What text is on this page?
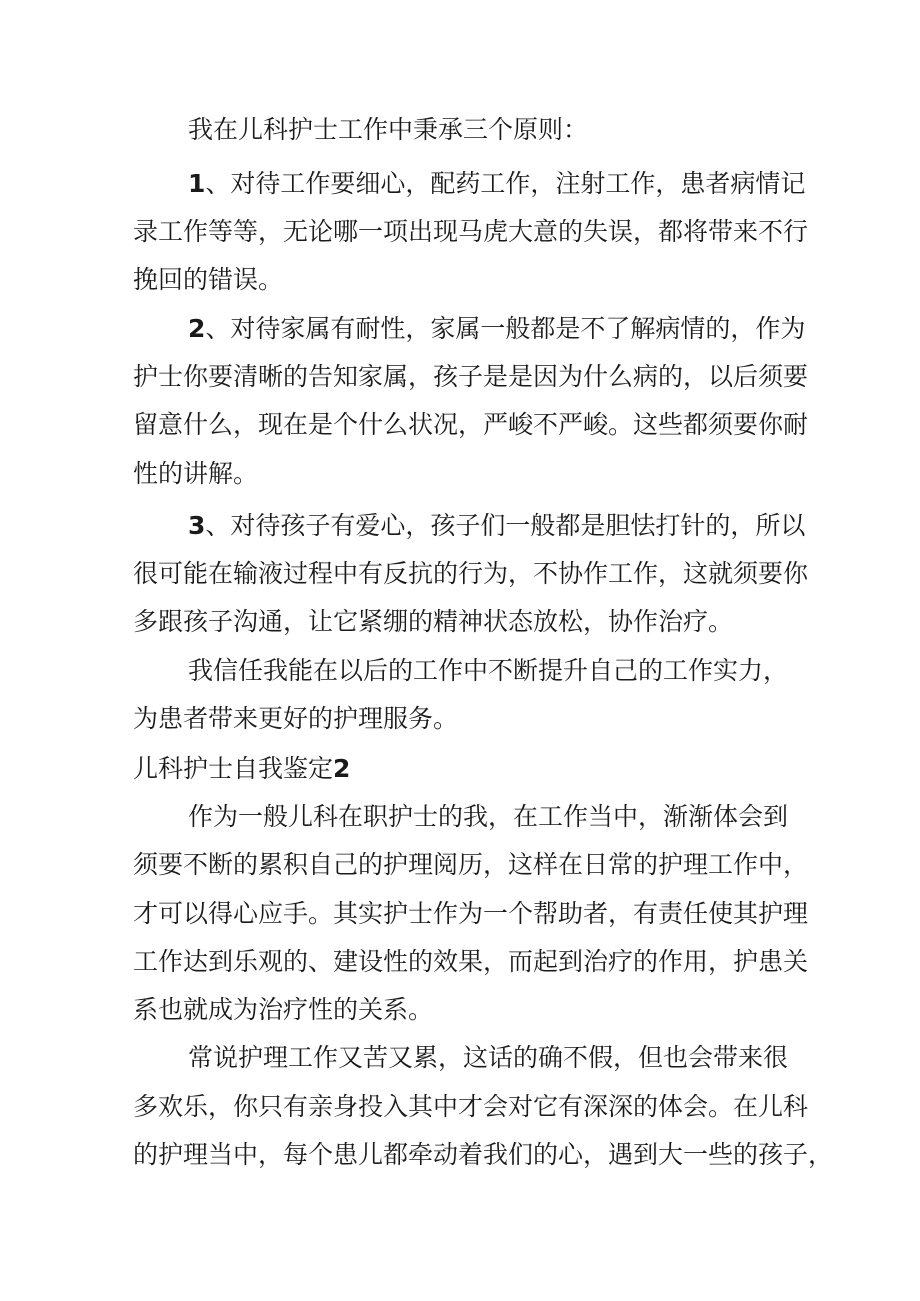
我在儿科护士工作中秉承三个原则：
1、对待工作要细心，配药工作，注射工作，患者病情记
录工作等等，无论哪一项出现马虎大意的失误，都将带来不行
挽回的错误。
2、对待家属有耐性，家属一般都是不了解病情的，作为
护士你要清晰的告知家属，孩子是是因为什么病的，以后须要
留意什么，现在是个什么状况，严峻不严峻。这些都须要你耐
性的讲解。
3、对待孩子有爱心，孩子们一般都是胆怯打针的，所以
很可能在输液过程中有反抗的行为，不协作工作，这就须要你
多跟孩子沟通，让它紧绷的精神状态放松，协作治疗。
我信任我能在以后的工作中不断提升自己的工作实力，
为患者带来更好的护理服务。
儿科护士自我鉴定2
作为一般儿科在职护士的我，在工作当中，渐渐体会到
须要不断的累积自己的护理阅历，这样在日常的护理工作中，
才可以得心应手。其实护士作为一个帮助者，有责任使其护理
工作达到乐观的、建设性的效果，而起到治疗的作用，护患关
系也就成为治疗性的关系。
常说护理工作又苦又累，这话的确不假，但也会带来很
多欢乐，你只有亲身投入其中才会对它有深深的体会。在儿科
的护理当中，每个患儿都牵动着我们的心，遇到大一些的孩子，
